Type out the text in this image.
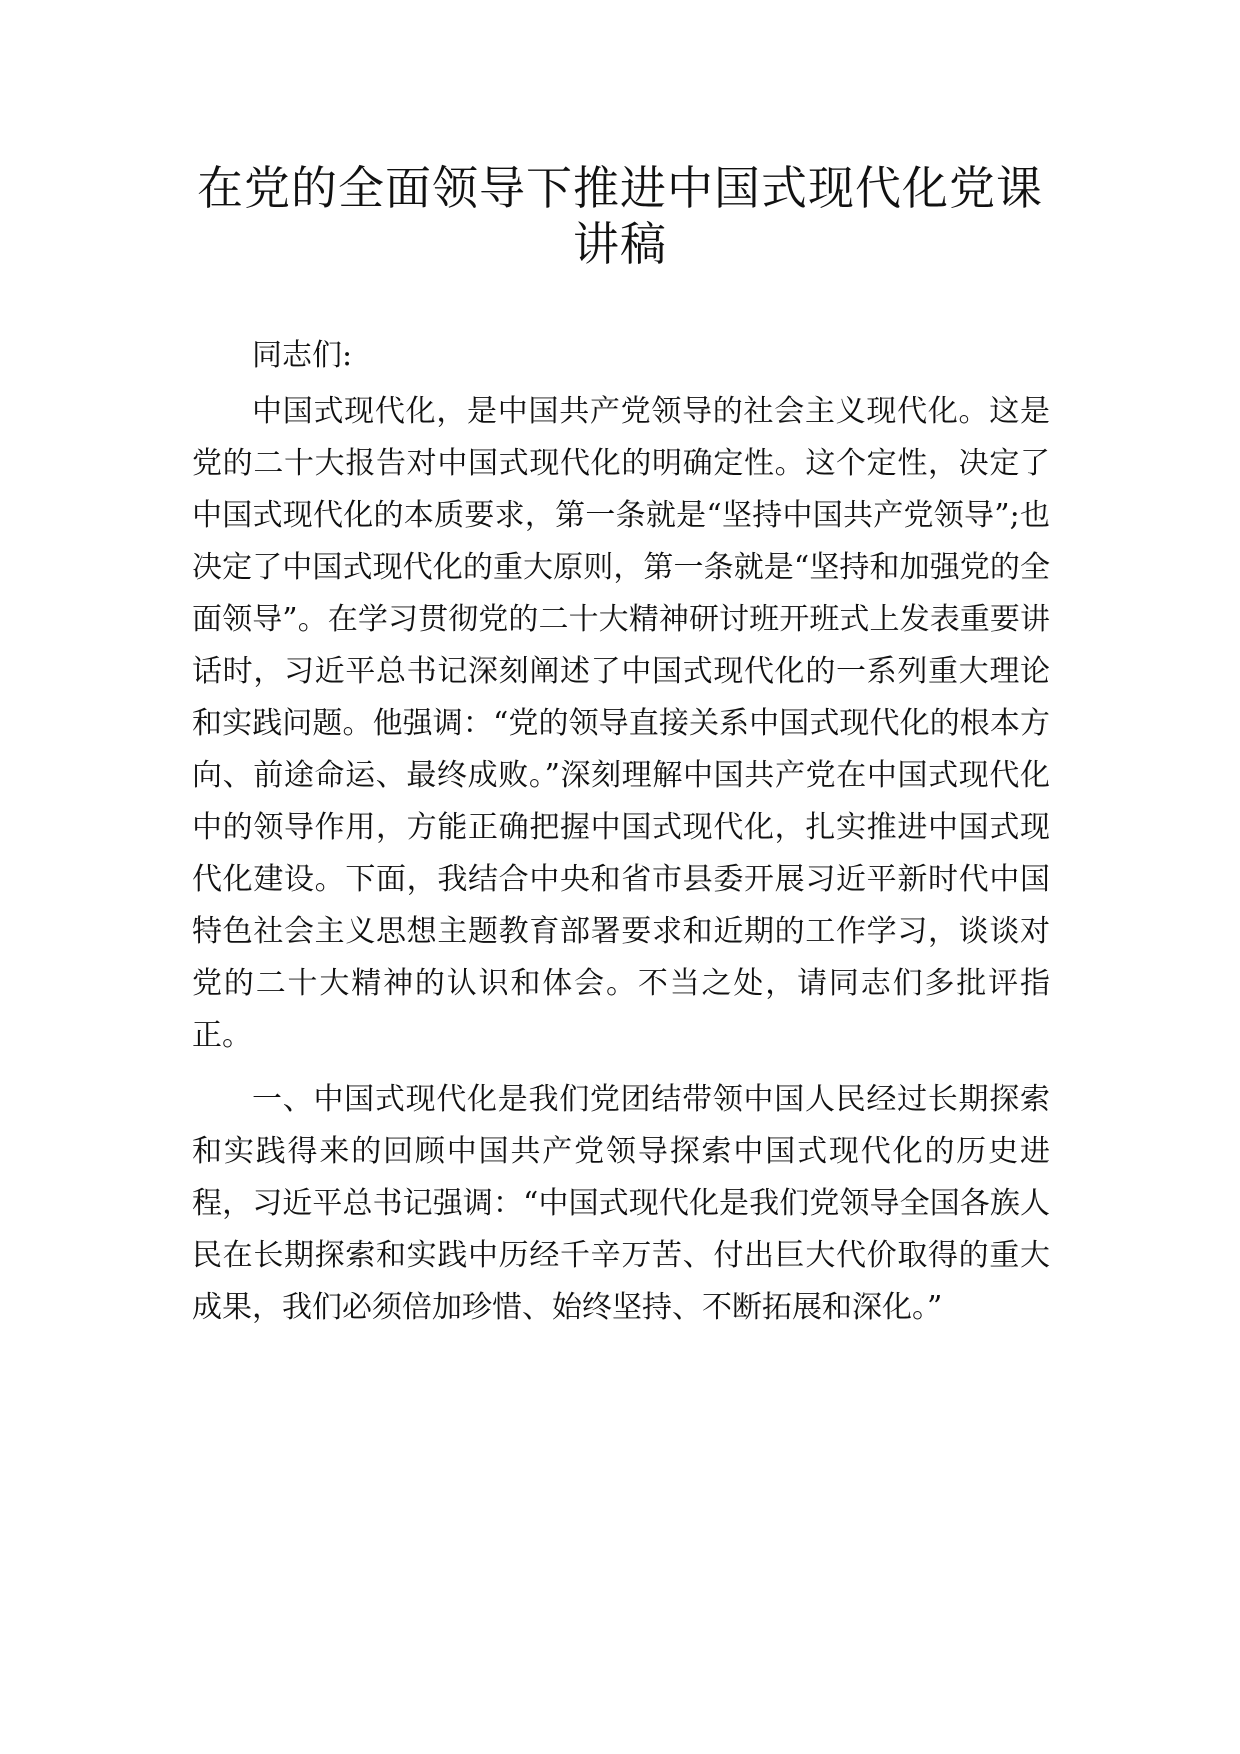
在党的全面领导下推进中国式现代化党课
讲稿

同志们:

中国式现代化，是中国共产党领导的社会主义现代化。这是党的二十大报告对中国式现代化的明确定性。这个定性，决定了中国式现代化的本质要求，第一条就是“坚持中国共产党领导”;也决定了中国式现代化的重大原则，第一条就是“坚持和加强党的全面领导”。在学习贯彻党的二十大精神研讨班开班式上发表重要讲话时，习近平总书记深刻阐述了中国式现代化的一系列重大理论和实践问题。他强调：“党的领导直接关系中国式现代化的根本方向、前途命运、最终成败。”深刻理解中国共产党在中国式现代化中的领导作用，方能正确把握中国式现代化，扎实推进中国式现代化建设。下面，我结合中央和省市县委开展习近平新时代中国特色社会主义思想主题教育部署要求和近期的工作学习，谈谈对党的二十大精神的认识和体会。不当之处，请同志们多批评指正。

一、中国式现代化是我们党团结带领中国人民经过长期探索和实践得来的回顾中国共产党领导探索中国式现代化的历史进程，习近平总书记强调：“中国式现代化是我们党领导全国各族人民在长期探索和实践中历经千辛万苦、付出巨大代价取得的重大成果，我们必须倍加珍惜、始终坚持、不断拓展和深化。”
